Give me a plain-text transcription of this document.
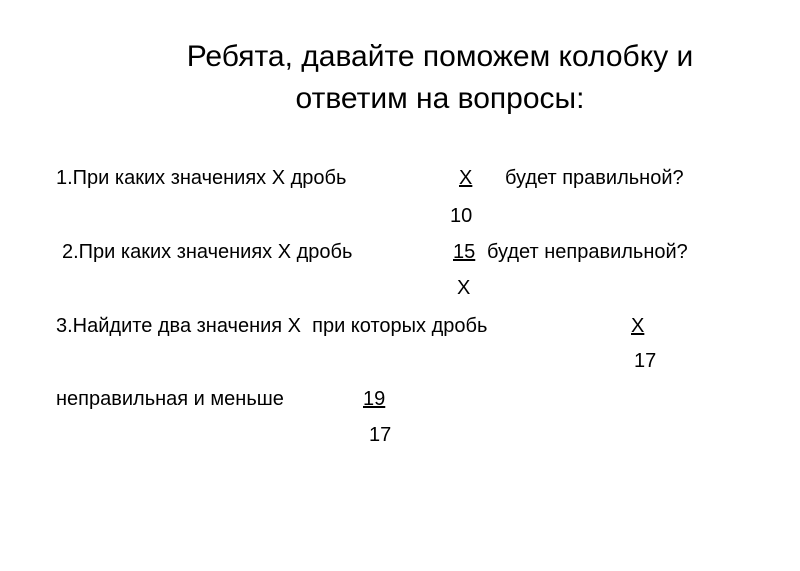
Ребята, давайте поможем колобку и
ответим на вопросы:
1.При каких значениях Х дробь	Х будет правильной?
10
2.При каких значениях Х дробь	15 будет неправильной?
Х
3.Найдите два значения Х  при которых дробь	Х
17
неправильная и меньше	19
17
